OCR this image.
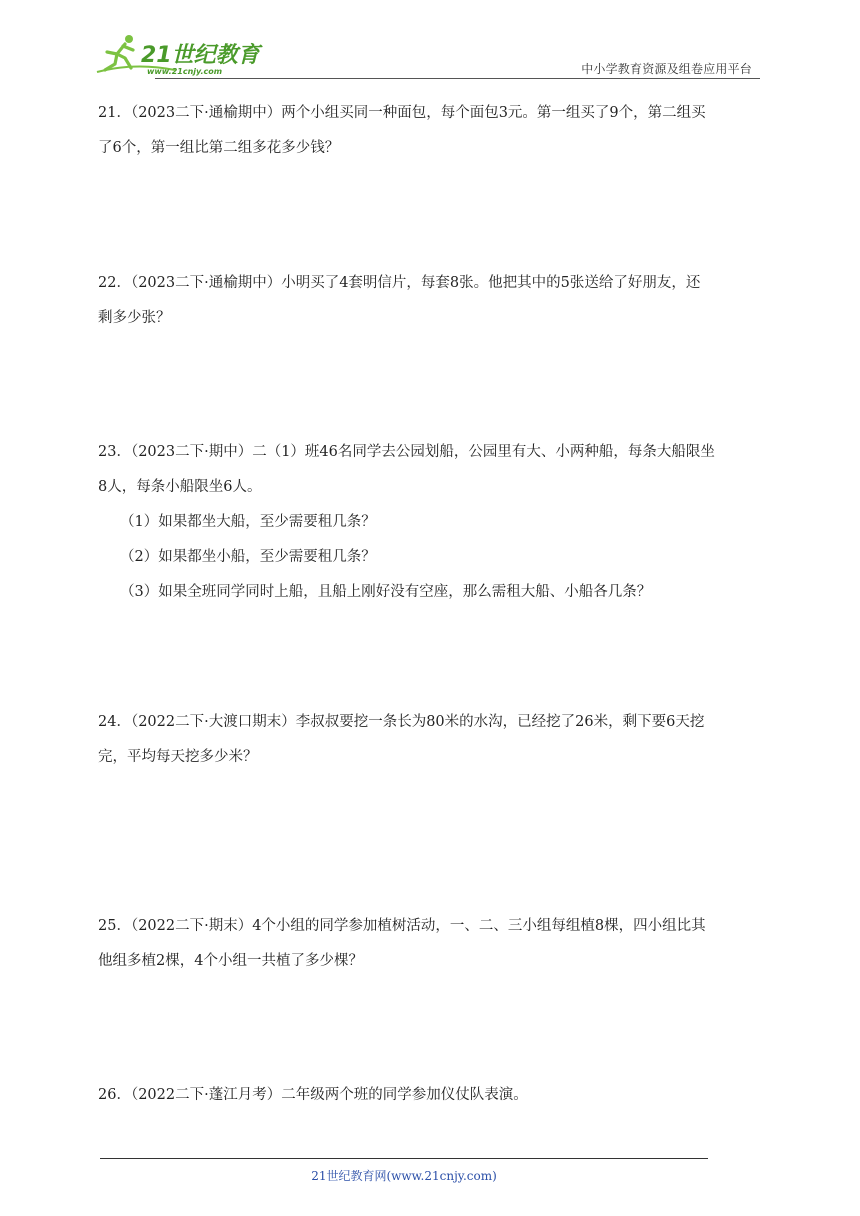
21世纪教育
www.21cnjy.com	中小学教育资源及组卷应用平台
21．（2023二下·通榆期中）两个小组买同一种面包，每个面包3元。第一组买了9个，第二组买
了6个，第一组比第二组多花多少钱？
22．（2023二下·通榆期中）小明买了4套明信片，每套8张。他把其中的5张送给了好朋友，还
剩多少张？
23．（2023二下·期中）二（1）班46名同学去公园划船，公园里有大、小两种船，每条大船限坐
8人，每条小船限坐6人。
（1）如果都坐大船，至少需要租几条？
（2）如果都坐小船，至少需要租几条？
（3）如果全班同学同时上船，且船上刚好没有空座，那么需租大船、小船各几条？
24．（2022二下·大渡口期末）李叔叔要挖一条长为80米的水沟，已经挖了26米，剩下要6天挖
完，平均每天挖多少米？
25．（2022二下·期末）4个小组的同学参加植树活动，一、二、三小组每组植8棵，四小组比其
他组多植2棵，4个小组一共植了多少棵？
26．（2022二下·蓬江月考）二年级两个班的同学参加仪仗队表演。
21世纪教育网(www.21cnjy.com)
